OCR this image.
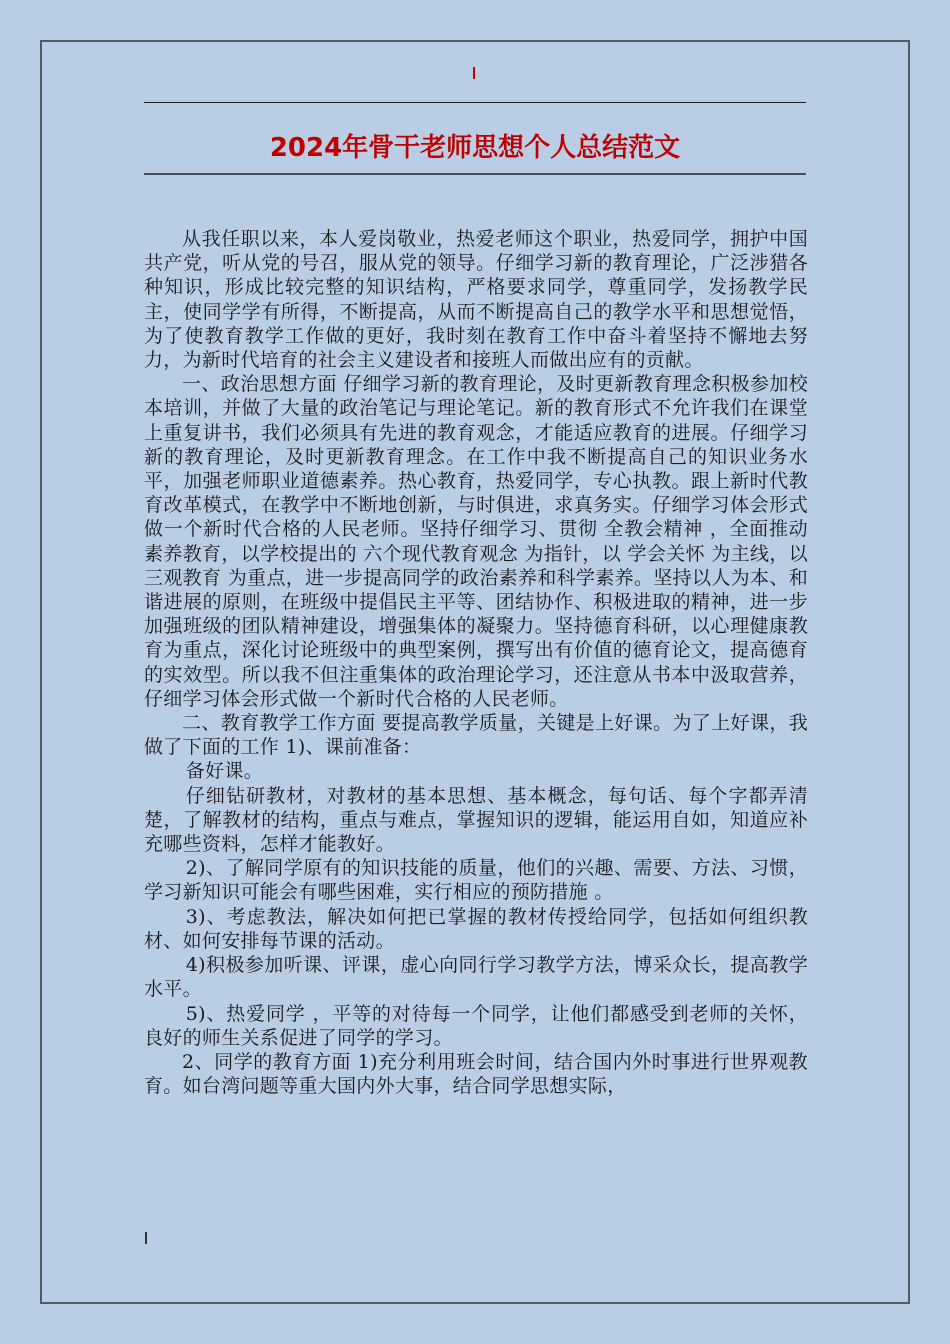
2024年骨干老师思想个人总结范文

从我任职以来，本人爱岗敬业，热爱老师这个职业，热爱同学，拥护中国共产党，听从党的号召，服从党的领导。仔细学习新的教育理论，广泛涉猎各种知识，形成比较完整的知识结构，严格要求同学，尊重同学，发扬教学民主，使同学学有所得，不断提高，从而不断提高自己的教学水平和思想觉悟，为了使教育教学工作做的更好，我时刻在教育工作中奋斗着坚持不懈地去努力，为新时代培育的社会主义建设者和接班人而做出应有的贡献。

一、政治思想方面 仔细学习新的教育理论，及时更新教育理念积极参加校本培训，并做了大量的政治笔记与理论笔记。新的教育形式不允许我们在课堂上重复讲书，我们必须具有先进的教育观念，才能适应教育的进展。仔细学习新的教育理论，及时更新教育理念。在工作中我不断提高自己的知识业务水平，加强老师职业道德素养。热心教育，热爱同学，专心执教。跟上新时代教育改革模式，在教学中不断地创新，与时俱进，求真务实。仔细学习体会形式做一个新时代合格的人民老师。坚持仔细学习、贯彻 全教会精神 ，全面推动素养教育，以学校提出的 六个现代教育观念 为指针，以 学会关怀 为主线，以 三观教育 为重点，进一步提高同学的政治素养和科学素养。坚持以人为本、和谐进展的原则，在班级中提倡民主平等、团结协作、积极进取的精神，进一步加强班级的团队精神建设，增强集体的凝聚力。坚持德育科研，以心理健康教育为重点，深化讨论班级中的典型案例，撰写出有价值的德育论文，提高德育的实效型。所以我不但注重集体的政治理论学习，还注意从书本中汲取营养，仔细学习体会形式做一个新时代合格的人民老师。

二、教育教学工作方面 要提高教学质量，关键是上好课。为了上好课，我做了下面的工作 1)、课前准备：

备好课。

仔细钻研教材，对教材的基本思想、基本概念，每句话、每个字都弄清楚，了解教材的结构，重点与难点，掌握知识的逻辑，能运用自如，知道应补充哪些资料，怎样才能教好。

2)、了解同学原有的知识技能的质量，他们的兴趣、需要、方法、习惯，学习新知识可能会有哪些困难，实行相应的预防措施 。

3)、考虑教法，解决如何把已掌握的教材传授给同学，包括如何组织教材、如何安排每节课的活动。

4)积极参加听课、评课，虚心向同行学习教学方法，博采众长，提高教学水平。

5)、热爱同学 ，平等的对待每一个同学，让他们都感受到老师的关怀，良好的师生关系促进了同学的学习。

2、同学的教育方面 1)充分利用班会时间，结合国内外时事进行世界观教育。如台湾问题等重大国内外大事，结合同学思想实际，
